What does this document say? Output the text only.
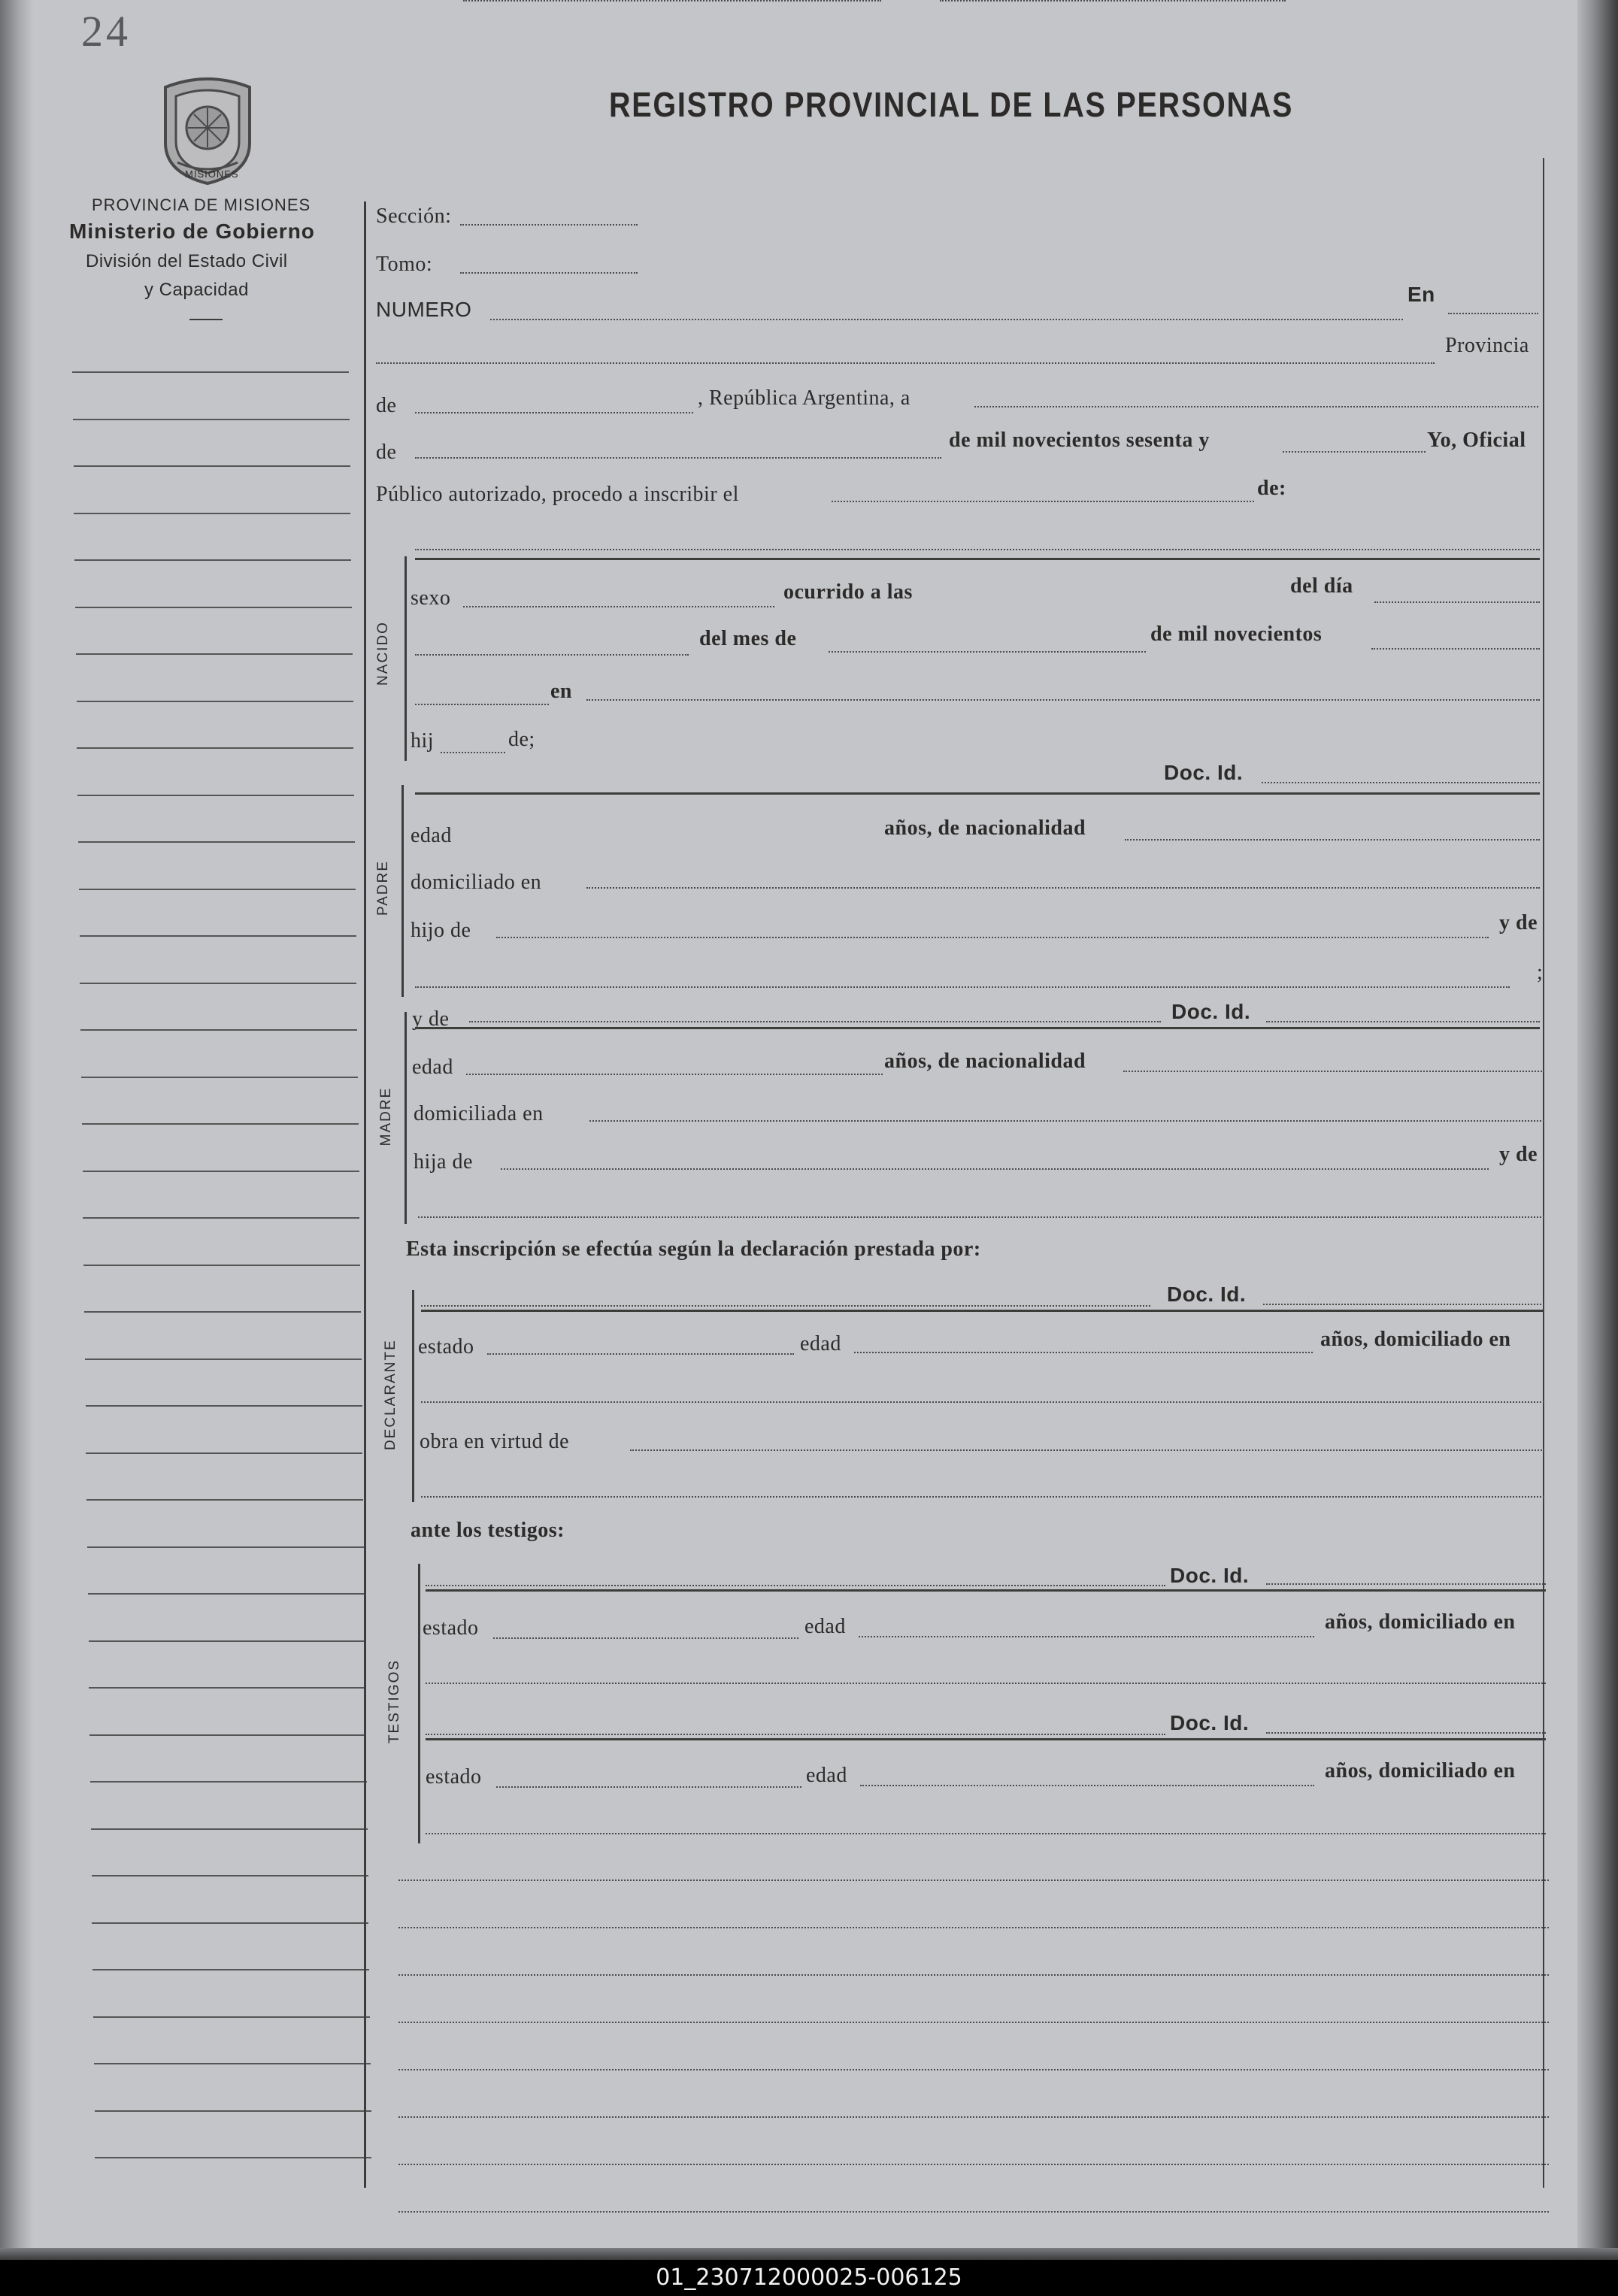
24
MISIONES
PROVINCIA DE MISIONES
Ministerio de Gobierno
División del Estado Civil
y Capacidad
REGISTRO PROVINCIAL DE LAS PERSONAS
Sección:
Tomo:
NUMERO
En
Provincia
de	, República Argentina, a
de
de mil novecientos sesenta y	Yo, Oficial
Público autorizado, procedo a inscribir el	de:
NACIDO
sexo	ocurrido a las	del día
del mes de	de mil novecientos
en
hij	de;
Doc. Id.
PADRE
edad	años, de nacionalidad
domiciliado en
hijo de	y de
;
MADRE
y de	Doc. Id.
edad	años, de nacionalidad
domiciliada en
hija de	y de
Esta inscripción se efectúa según la declaración prestada por:
DECLARANTE
Doc. Id.
estado	edad	años, domiciliado en
obra en virtud de
ante los testigos:
TESTIGOS
Doc. Id.
estado	edad	años, domiciliado en
Doc. Id.
estado	edad	años, domiciliado en
01_230712000025-006125
